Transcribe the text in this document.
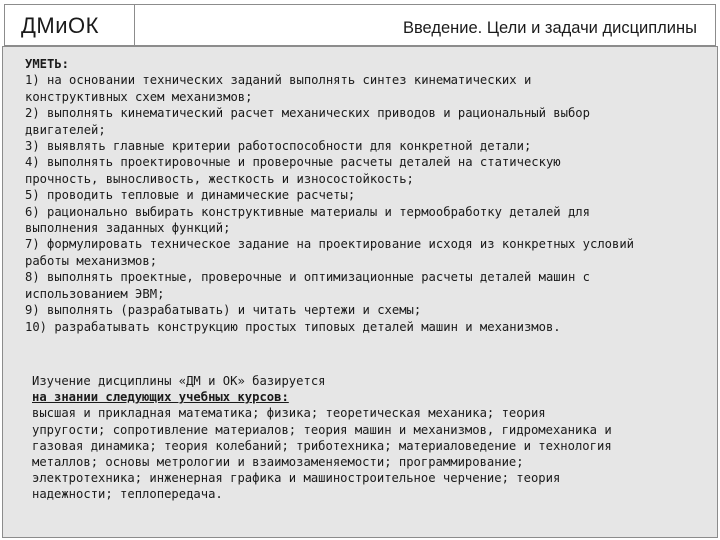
ДМиОК	Введение. Цели и задачи дисциплины
УМЕТЬ:
1) на основании технических заданий выполнять синтез кинематических и
конструктивных схем механизмов;
2) выполнять кинематический расчет механических приводов и рациональный выбор
двигателей;
3) выявлять главные критерии работоспособности для конкретной детали;
4) выполнять проектировочные и проверочные расчеты деталей на статическую
прочность, выносливость, жесткость и износостойкость;
5) проводить тепловые и динамические расчеты;
6) рационально выбирать конструктивные материалы и термообработку деталей для
выполнения заданных функций;
7) формулировать техническое задание на проектирование исходя из конкретных условий
работы механизмов;
8) выполнять проектные, проверочные и оптимизационные расчеты деталей машин с
использованием ЭВМ;
9) выполнять (разрабатывать) и читать чертежи и схемы;
10) разрабатывать конструкцию простых типовых деталей машин и механизмов.
Изучение дисциплины «ДМ и ОК» базируется
на знании следующих учебных курсов:
высшая и прикладная математика; физика; теоретическая механика; теория
упругости; сопротивление материалов; теория машин и механизмов, гидромеханика и
газовая динамика; теория колебаний; триботехника; материаловедение и технология
металлов; основы метрологии и взаимозаменяемости; программирование;
электротехника; инженерная графика и машиностроительное черчение; теория
надежности; теплопередача.
